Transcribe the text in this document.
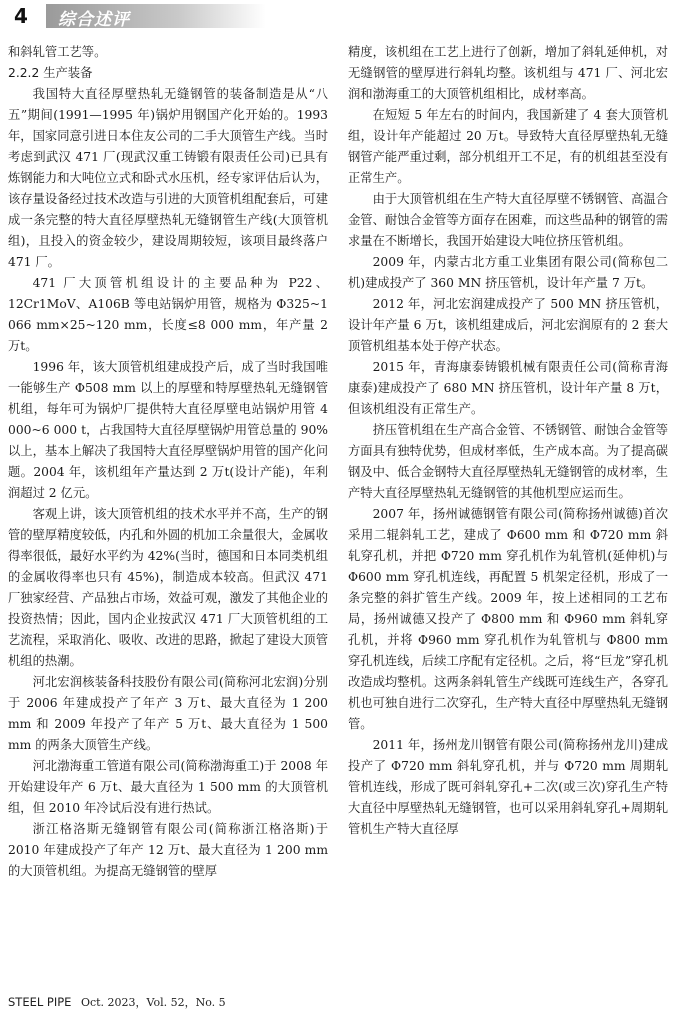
4 综合述评

和斜轧管工艺等。

2.2.2 生产装备

我国特大直径厚壁热轧无缝钢管的装备制造是从“八五”期间(1991—1995 年)锅炉用钢国产化开始的。1993 年，国家同意引进日本住友公司的二手大顶管生产线。当时考虑到武汉 471 厂(现武汉重工铸锻有限责任公司)已具有炼钢能力和大吨位立式和卧式水压机，经专家评估后认为，该存量设备经过技术改造与引进的大顶管机组配套后，可建成一条完整的特大直径厚壁热轧无缝钢管生产线(大顶管机组)，且投入的资金较少，建设周期较短，该项目最终落户 471 厂。

471 厂大顶管机组设计的主要品种为 P22、12Cr1MoV、A106B 等电站锅炉用管，规格为 Φ325~1 066 mm×25~120 mm，长度≤8 000 mm，年产量 2 万t。

1996 年，该大顶管机组建成投产后，成了当时我国唯一能够生产 Φ508 mm 以上的厚壁和特厚壁热轧无缝钢管机组，每年可为锅炉厂提供特大直径厚壁电站锅炉用管 4 000~6 000 t，占我国特大直径厚壁锅炉用管总量的 90%以上，基本上解决了我国特大直径厚壁锅炉用管的国产化问题。2004 年，该机组年产量达到 2 万t(设计产能)，年利润超过 2 亿元。

客观上讲，该大顶管机组的技术水平并不高，生产的钢管的壁厚精度较低，内孔和外圆的机加工余量很大，金属收得率很低，最好水平约为 42%(当时，德国和日本同类机组的金属收得率也只有 45%)，制造成本较高。但武汉 471 厂独家经营、产品独占市场，效益可观，激发了其他企业的投资热情；因此，国内企业按武汉 471 厂大顶管机组的工艺流程，采取消化、吸收、改进的思路，掀起了建设大顶管机组的热潮。

河北宏润核装备科技股份有限公司(简称河北宏润)分别于 2006 年建成投产了年产 3 万t、最大直径为 1 200 mm 和 2009 年投产了年产 5 万t、最大直径为 1 500 mm 的两条大顶管生产线。

河北渤海重工管道有限公司(简称渤海重工)于 2008 年开始建设年产 6 万t、最大直径为 1 500 mm 的大顶管机组，但 2010 年冷试后没有进行热试。

浙江格洛斯无缝钢管有限公司(简称浙江格洛斯)于 2010 年建成投产了年产 12 万t、最大直径为 1 200 mm 的大顶管机组。为提高无缝钢管的壁厚

精度，该机组在工艺上进行了创新，增加了斜轧延伸机，对无缝钢管的壁厚进行斜轧均整。该机组与 471 厂、河北宏润和渤海重工的大顶管机组相比，成材率高。

在短短 5 年左右的时间内，我国新建了 4 套大顶管机组，设计年产能超过 20 万t。导致特大直径厚壁热轧无缝钢管产能严重过剩，部分机组开工不足，有的机组甚至没有正常生产。

由于大顶管机组在生产特大直径厚壁不锈钢管、高温合金管、耐蚀合金管等方面存在困难，而这些品种的钢管的需求量在不断增长，我国开始建设大吨位挤压管机组。

2009 年，内蒙古北方重工业集团有限公司(简称包二机)建成投产了 360 MN 挤压管机，设计年产量 7 万t。

2012 年，河北宏润建成投产了 500 MN 挤压管机，设计年产量 6 万t，该机组建成后，河北宏润原有的 2 套大顶管机组基本处于停产状态。

2015 年，青海康泰铸锻机械有限责任公司(简称青海康泰)建成投产了 680 MN 挤压管机，设计年产量 8 万t，但该机组没有正常生产。

挤压管机组在生产高合金管、不锈钢管、耐蚀合金管等方面具有独特优势，但成材率低，生产成本高。为了提高碳钢及中、低合金钢特大直径厚壁热轧无缝钢管的成材率，生产特大直径厚壁热轧无缝钢管的其他机型应运而生。

2007 年，扬州诚德钢管有限公司(简称扬州诚德)首次采用二辊斜轧工艺，建成了 Φ600 mm 和 Φ720 mm 斜轧穿孔机，并把 Φ720 mm 穿孔机作为轧管机(延伸机)与 Φ600 mm 穿孔机连线，再配置 5 机架定径机，形成了一条完整的斜扩管生产线。2009 年，按上述相同的工艺布局，扬州诚德又投产了 Φ800 mm 和 Φ960 mm 斜轧穿孔机，并将 Φ960 mm 穿孔机作为轧管机与 Φ800 mm 穿孔机连线，后续工序配有定径机。之后，将“巨龙”穿孔机改造成均整机。这两条斜轧管生产线既可连线生产，各穿孔机也可独自进行二次穿孔，生产特大直径中厚壁热轧无缝钢管。

2011 年，扬州龙川钢管有限公司(简称扬州龙川)建成投产了 Φ720 mm 斜轧穿孔机，并与 Φ720 mm 周期轧管机连线，形成了既可斜轧穿孔+二次(或三次)穿孔生产特大直径中厚壁热轧无缝钢管，也可以采用斜轧穿孔+周期轧管机生产特大直径厚

STEEL PIPE Oct. 2023，Vol. 52，No. 5
